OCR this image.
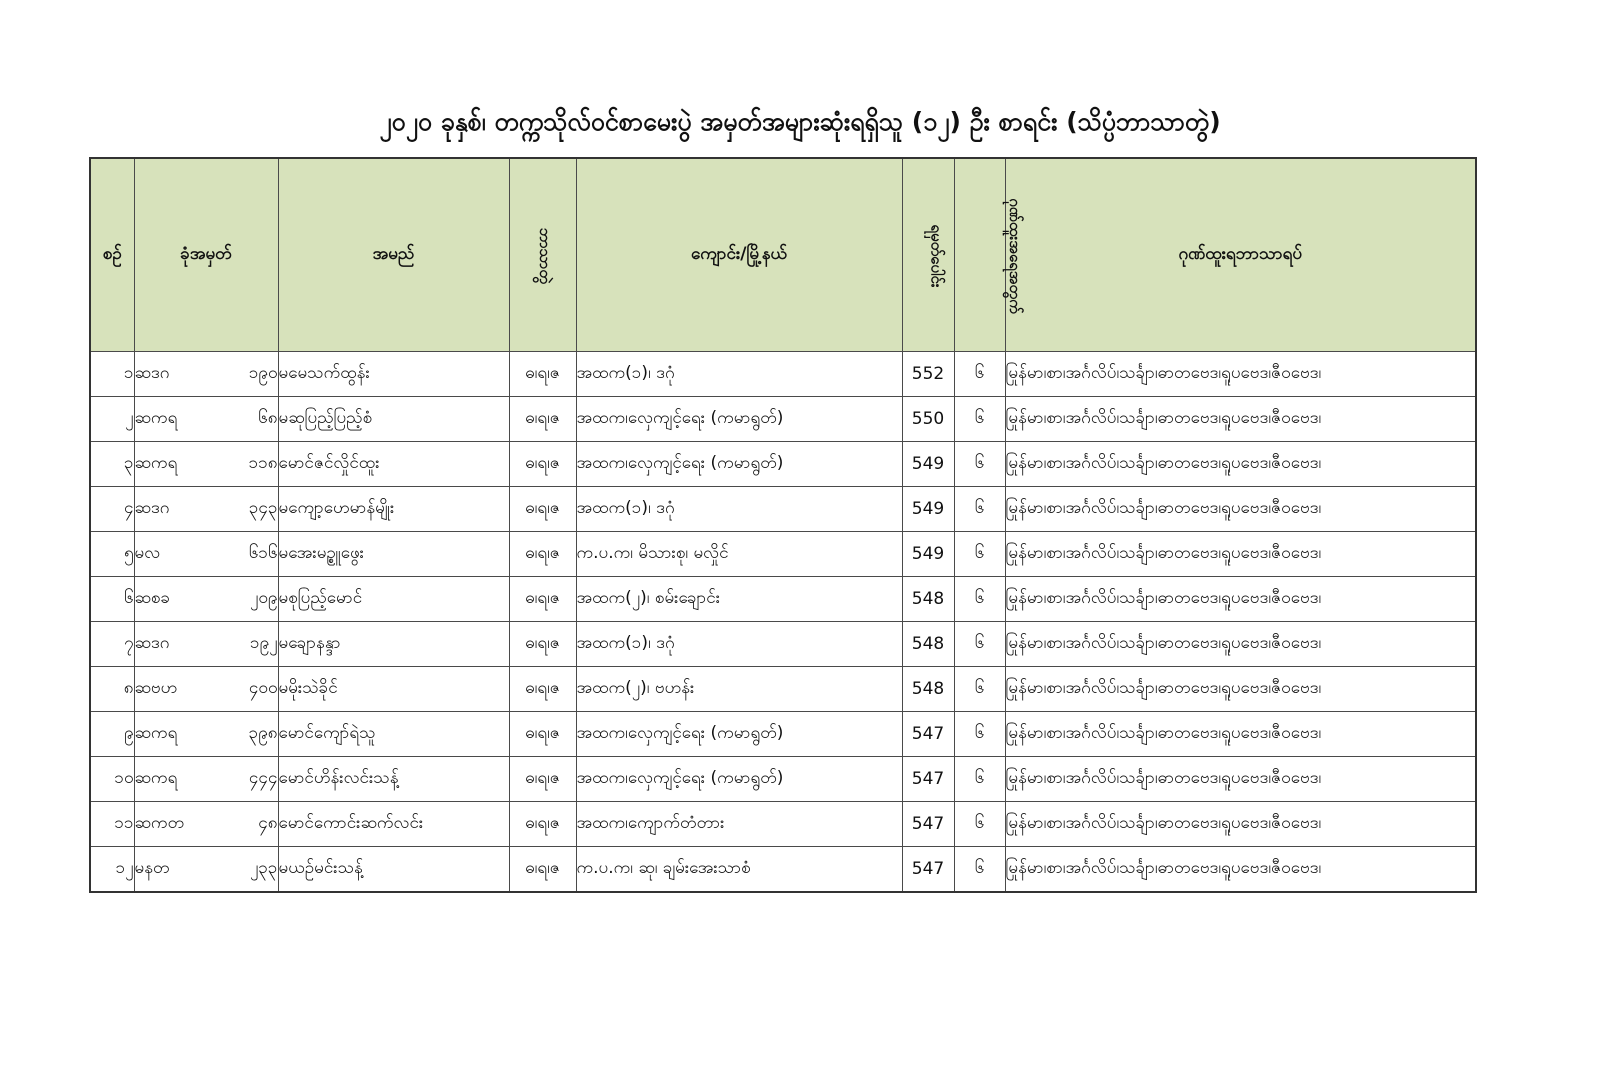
၂၀၂၀ ခုနှစ်၊ တက္ကသိုလ်ဝင်စာမေးပွဲ အမှတ်အများဆုံးရရှိသူ (၁၂) ဦး စာရင်း (သိပ္ပံဘာသာတွဲ)
စဉ်	ခုံအမှတ်	အမည်	ဘာသာတွဲ	ကျောင်း/မြို့နယ်	ရမှတ်ပေါင်း	ဂုဏ်ထူးအရေအတွက်	ဂုဏ်ထူးရဘာသာရပ်
၁	ဆဒဂ ၁၉၀	မမေသက်ထွန်း	ဓ၊ရ၊ဇ	အထက(၁)၊ ဒဂုံ	552	၆	မြန်မာ၊စာ၊အင်္ဂလိပ်၊သင်္ချာ၊ဓာတုဗေဒ၊ရူပဗေဒ၊ဇီဝဗေဒ၊
၂	ဆကရ ၆၈	မဆုပြည့်ပြည့်စံ	ဓ၊ရ၊ဇ	အထက၊လှေကျင့်ရေး (ကမာရွတ်)	550	၆	မြန်မာ၊စာ၊အင်္ဂလိပ်၊သင်္ချာ၊ဓာတုဗေဒ၊ရူပဗေဒ၊ဇီဝဗေဒ၊
၃	ဆကရ ၁၁၈	မောင်ဇင်လှိုင်ထူး	ဓ၊ရ၊ဇ	အထက၊လှေကျင့်ရေး (ကမာရွတ်)	549	၆	မြန်မာ၊စာ၊အင်္ဂလိပ်၊သင်္ချာ၊ဓာတုဗေဒ၊ရူပဗေဒ၊ဇီဝဗေဒ၊
၄	ဆဒဂ ၃၄၃	မကျော့ဟေမာန်မျိုး	ဓ၊ရ၊ဇ	အထက(၁)၊ ဒဂုံ	549	၆	မြန်မာ၊စာ၊အင်္ဂလိပ်၊သင်္ချာ၊ဓာတုဗေဒ၊ရူပဗေဒ၊ဇီဝဗေဒ၊
၅	မလ ၆၁၆	မအေးမဥ္စူဖွေး	ဓ၊ရ၊ဇ	က.ပ.က၊ မိသားစု၊ မလှိုင်	549	၆	မြန်မာ၊စာ၊အင်္ဂလိပ်၊သင်္ချာ၊ဓာတုဗေဒ၊ရူပဗေဒ၊ဇီဝဗေဒ၊
၆	ဆစခ ၂၀၉	မစုပြည့်မောင်	ဓ၊ရ၊ဇ	အထက(၂)၊ စမ်းချောင်း	548	၆	မြန်မာ၊စာ၊အင်္ဂလိပ်၊သင်္ချာ၊ဓာတုဗေဒ၊ရူပဗေဒ၊ဇီဝဗေဒ၊
၇	ဆဒဂ ၁၉၂	မချောနန္ဒာ	ဓ၊ရ၊ဇ	အထက(၁)၊ ဒဂုံ	548	၆	မြန်မာ၊စာ၊အင်္ဂလိပ်၊သင်္ချာ၊ဓာတုဗေဒ၊ရူပဗေဒ၊ဇီဝဗေဒ၊
၈	ဆဗဟ ၄၀၀	မမိုးသဲခိုင်	ဓ၊ရ၊ဇ	အထက(၂)၊ ဗဟန်း	548	၆	မြန်မာ၊စာ၊အင်္ဂလိပ်၊သင်္ချာ၊ဓာတုဗေဒ၊ရူပဗေဒ၊ဇီဝဗေဒ၊
၉	ဆကရ ၃၉၈	မောင်ကျော်ရဲသူ	ဓ၊ရ၊ဇ	အထက၊လှေကျင့်ရေး (ကမာရွတ်)	547	၆	မြန်မာ၊စာ၊အင်္ဂလိပ်၊သင်္ချာ၊ဓာတုဗေဒ၊ရူပဗေဒ၊ဇီဝဗေဒ၊
၁၀	ဆကရ ၄၄၄	မောင်ဟိန်းလင်းသန့်	ဓ၊ရ၊ဇ	အထက၊လှေကျင့်ရေး (ကမာရွတ်)	547	၆	မြန်မာ၊စာ၊အင်္ဂလိပ်၊သင်္ချာ၊ဓာတုဗေဒ၊ရူပဗေဒ၊ဇီဝဗေဒ၊
၁၁	ဆကတ ၄၈	မောင်ကောင်းဆက်လင်း	ဓ၊ရ၊ဇ	အထက၊ကျောက်တံတား	547	၆	မြန်မာ၊စာ၊အင်္ဂလိပ်၊သင်္ချာ၊ဓာတုဗေဒ၊ရူပဗေဒ၊ဇီဝဗေဒ၊
၁၂	မနတ ၂၃၃	မယဉ်မင်းသန့်	ဓ၊ရ၊ဇ	က.ပ.က၊ ဆု၊ ချမ်းအေးသာစံ	547	၆	မြန်မာ၊စာ၊အင်္ဂလိပ်၊သင်္ချာ၊ဓာတုဗေဒ၊ရူပဗေဒ၊ဇီဝဗေဒ၊
